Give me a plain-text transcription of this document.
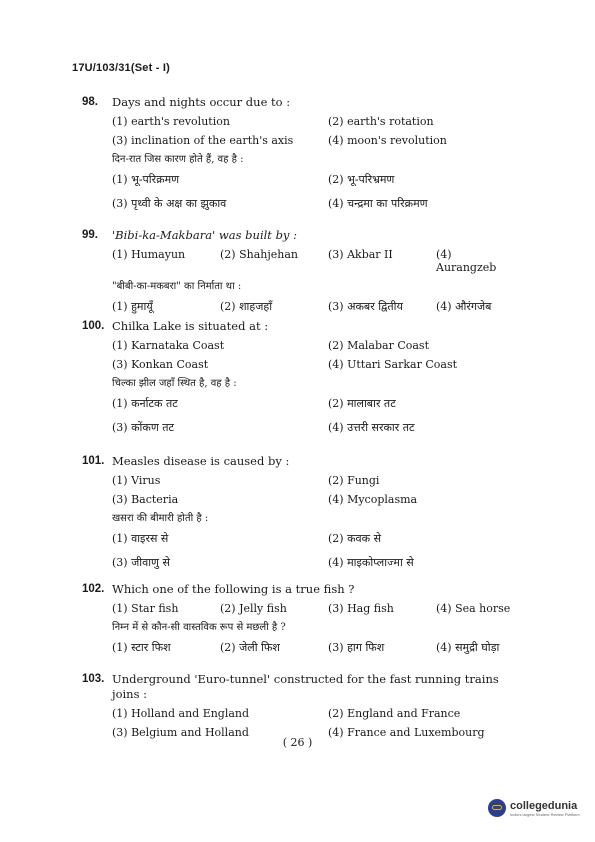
17U/103/31(Set - I)
98.	Days and nights occur due to :
(1) earth's revolution	(2) earth's rotation
(3) inclination of the earth's axis	(4) moon's revolution
दिन-रात जिस कारण होते हैं, वह है :
(1) भू-परिक्रमण	(2) भू-परिभ्रमण
(3) पृथ्वी के अक्ष का झुकाव	(4) चन्द्रमा का परिक्रमण
99.	'Bibi-ka-Makbara' was built by :
(1) Humayun	(2) Shahjehan	(3) Akbar II	(4) Aurangzeb
"बीबी-का-मकबरा" का निर्माता था :
(1) हुमायूँ	(2) शाहजहाँ	(3) अकबर द्वितीय	(4) औरंगजेब
100. Chilka Lake is situated at :
(1) Karnataka Coast	(2) Malabar Coast
(3) Konkan Coast	(4) Uttari Sarkar Coast
चिल्का झील जहाँ स्थित है, वह है :
(1) कर्नाटक तट	(2) मालाबार तट
(3) कोंकण तट	(4) उत्तरी सरकार तट
101. Measles disease is caused by :
(1) Virus	(2) Fungi
(3) Bacteria	(4) Mycoplasma
खसरा की बीमारी होती है :
(1) वाइरस से	(2) कवक से
(3) जीवाणु से	(4) माइकोप्लाज्मा से
102. Which one of the following is a true fish ?
(1) Star fish	(2) Jelly fish	(3) Hag fish	(4) Sea horse
निम्न में से कौन-सी वास्तविक रूप से मछली है ?
(1) स्टार फिश	(2) जेली फिश	(3) हाग फिश	(4) समुद्री घोड़ा
103. Underground 'Euro-tunnel' constructed for the fast running trains joins :
(1) Holland and England	(2) England and France
(3) Belgium and Holland	(4) France and Luxembourg
( 26 )
collegedunia
India's largest Student Review Platform
